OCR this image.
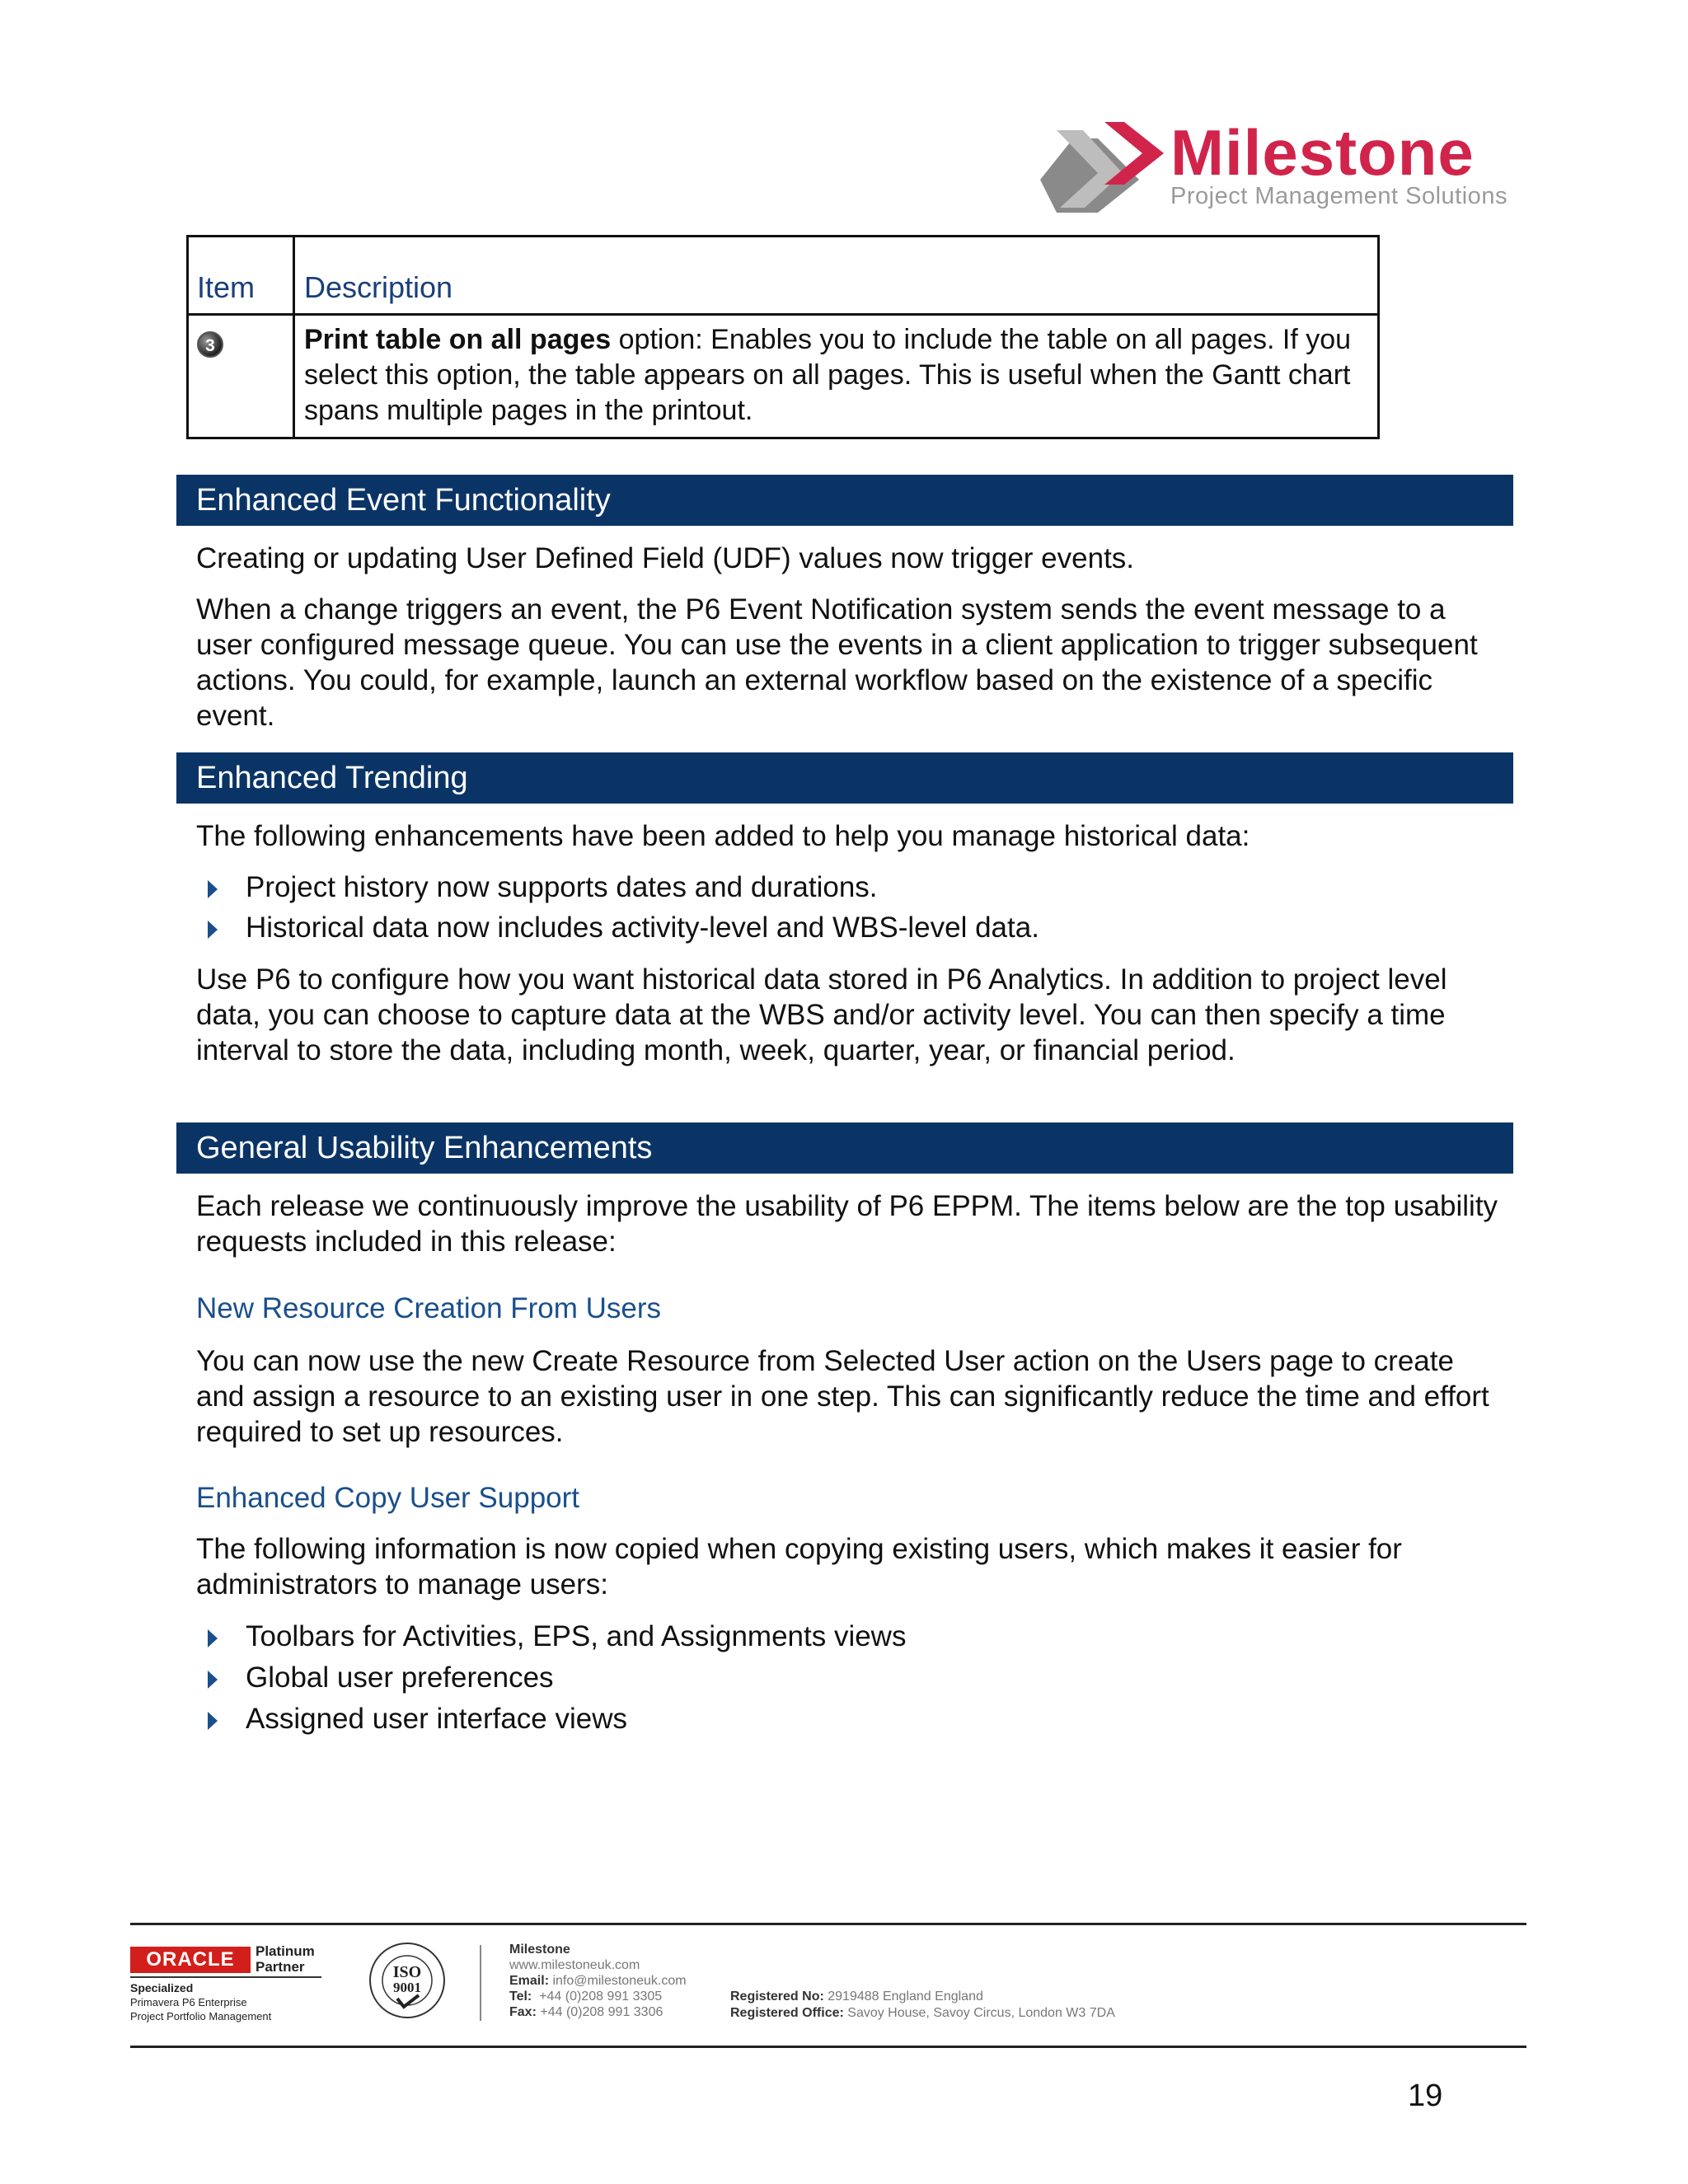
Milestone
Project Management Solutions
Item Description
3	Print table on all pages option: Enables you to include the table on all pages. If you select this option, the table appears on all pages. This is useful when the Gantt chart spans multiple pages in the printout.
Enhanced Event Functionality
Creating or updating User Defined Field (UDF) values now trigger events.
When a change triggers an event, the P6 Event Notification system sends the event message to a user configured message queue. You can use the events in a client application to trigger subsequent actions. You could, for example, launch an external workflow based on the existence of a specific event.
Enhanced Trending
The following enhancements have been added to help you manage historical data:
Project history now supports dates and durations.
Historical data now includes activity-level and WBS-level data.
Use P6 to configure how you want historical data stored in P6 Analytics. In addition to project level data, you can choose to capture data at the WBS and/or activity level. You can then specify a time interval to store the data, including month, week, quarter, year, or financial period.
General Usability Enhancements
Each release we continuously improve the usability of P6 EPPM. The items below are the top usability requests included in this release:
New Resource Creation From Users
You can now use the new Create Resource from Selected User action on the Users page to create and assign a resource to an existing user in one step. This can significantly reduce the time and effort required to set up resources.
Enhanced Copy User Support
The following information is now copied when copying existing users, which makes it easier for administrators to manage users:
Toolbars for Activities, EPS, and Assignments views
Global user preferences
Assigned user interface views
ORACLE	Platinum
Partner
Specialized
Primavera P6 Enterprise
Project Portfolio Management
ISO
9001
Milestone
www.milestoneuk.com
Email: info@milestoneuk.com
Tel: +44 (0)208 991 3305
Fax: +44 (0)208 991 3306
Registered No: 2919488 England England
Registered Office: Savoy House, Savoy Circus, London W3 7DA
19
